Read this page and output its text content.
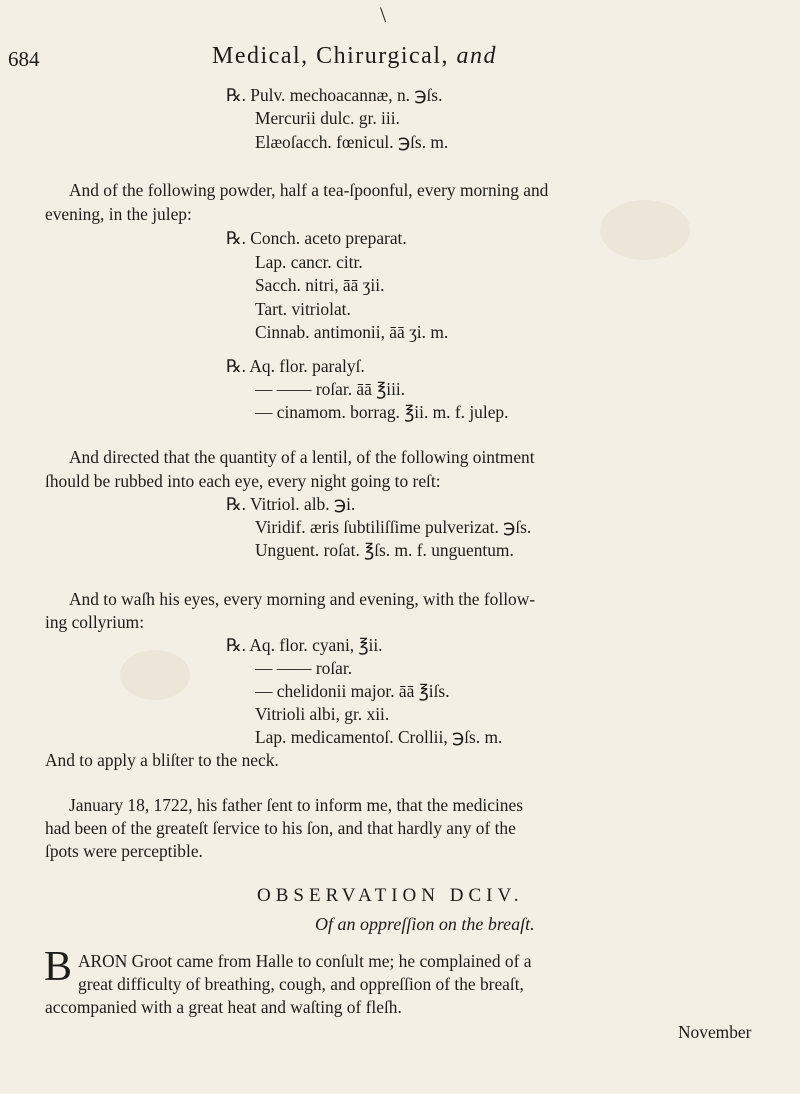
\
684	Medical, Chirurgical, and
℞. Pulv. mechoacannæ, n. ℈ſs.
Mercurii dulc. gr. iii.
Elæoſacch. fœnicul. ℈ſs. m.
And of the following powder, half a tea-ſpoonful, every morning and
evening, in the julep:
℞. Conch. aceto preparat.
Lap. cancr. citr.
Sacch. nitri, āā ʒii.
Tart. vitriolat.
Cinnab. antimonii, āā ʒi. m.
℞. Aq. flor. paralyſ.
— —— roſar. āā ℥iii.
— cinamom. borrag. ℥ii. m. f. julep.
And directed that the quantity of a lentil, of the following ointment
ſhould be rubbed into each eye, every night going to reſt:
℞. Vitriol. alb. ℈i.
Viridif. æris ſubtiliſſime pulverizat. ℈ſs.
Unguent. roſat. ℥ſs. m. f. unguentum.
And to waſh his eyes, every morning and evening, with the follow-
ing collyrium:
℞. Aq. flor. cyani, ℥ii.
— —— roſar.
— chelidonii major. āā ℥iſs.
Vitrioli albi, gr. xii.
Lap. medicamentoſ. Crollii, ℈ſs. m.
And to apply a bliſter to the neck.
January 18, 1722, his father ſent to inform me, that the medicines
had been of the greateſt ſervice to his ſon, and that hardly any of the
ſpots were perceptible.
OBSERVATION DCIV.
Of an oppreſſion on the breaſt.
B ARON Groot came from Halle to conſult me; he complained of a
great difficulty of breathing, cough, and oppreſſion of the breaſt,
accompanied with a great heat and waſting of fleſh.
November
